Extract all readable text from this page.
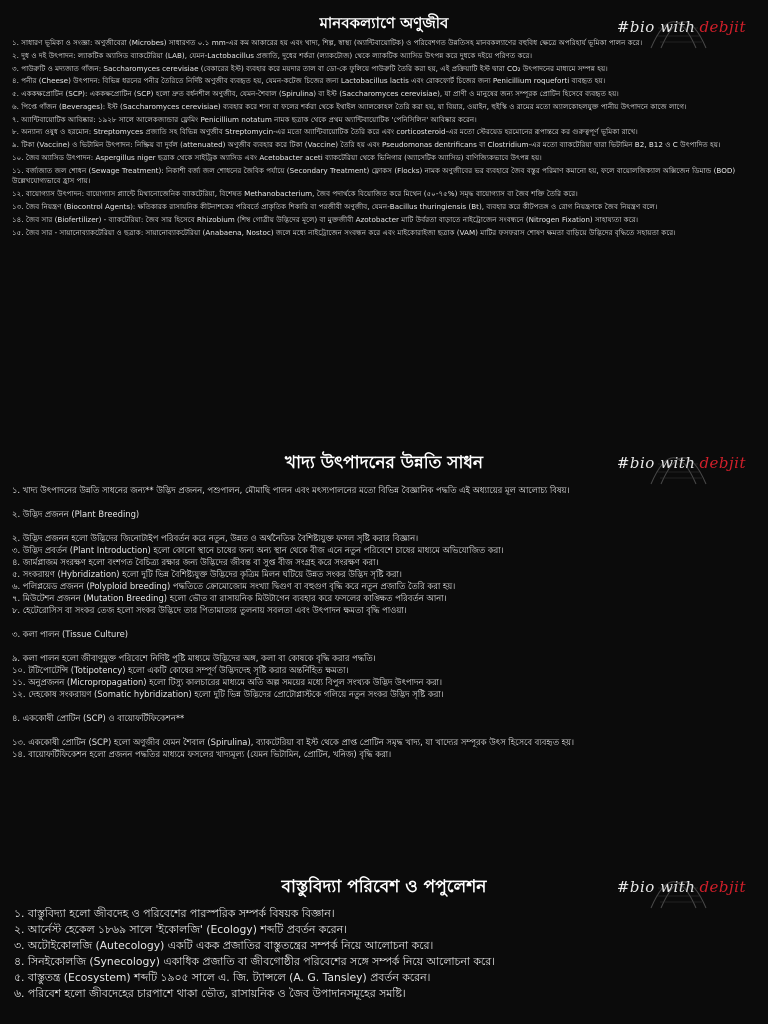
#bio with debjit
মানবকল্যাণে অণুজীব
১. সাধারণ ভূমিকা ও সংজ্ঞা: অণুজীবেরা (Microbes) সাধারণত ০.১ mm-এর কম আকারের হয় এবং খাদ্য, শিল্প, স্বাস্থ্য (অ্যান্টিবায়োটিক) ও পরিবেশগত উন্নতিসহ মানবকল্যাণের বহুবিধ ক্ষেত্রে অপরিহার্য ভূমিকা পালন করে।
২. দুধ ও দই উৎপাদন: ল্যাকটিক অ্যাসিড ব্যাকটেরিয়া (LAB), যেমন-Lactobacillus প্রজাতি, দুধের শর্করা (ল্যাকটোজ) থেকে ল্যাকটিক অ্যাসিড উৎপন্ন করে দুধকে দইয়ে পরিণত করে।
৩. পাউরুটি ও মদ্যজাত গাঁজন: Saccharomyces cerevisiae (বেকারের ইস্ট) ব্যবহার করে ময়দার তাল বা ডো-কে ফুলিয়ে পাউরুটি তৈরি করা হয়, এই প্রক্রিয়াটি ইস্ট দ্বারা CO₂ উৎপাদনের মাধ্যমে সম্পন্ন হয়।
৪. পনীর (Cheese) উৎপাদন: বিভিন্ন ধরনের পনীর তৈরিতে নির্দিষ্ট অণুজীব ব্যবহৃত হয়, যেমন-কটেজ চিজের জন্য Lactobacillus lactis এবং রোকফোর্ট চিজের জন্য Penicillium roqueforti ব্যবহৃত হয়।
৫. এককক্ষপ্রোটিন (SCP): এককক্ষপ্রোটিন (SCP) হলো দ্রুত বর্ধনশীল অণুজীব, যেমন-শৈবাল (Spirulina) বা ইস্ট (Saccharomyces cerevisiae), যা প্রাণী ও মানুষের জন্য সম্পূরক প্রোটিন হিসেবে ব্যবহৃত হয়।
৬. পিপ্তে গাঁজন (Beverages): ইস্ট (Saccharomyces cerevisiae) ব্যবহার করে শস্য বা ফলের শর্করা থেকে ইথাইল অ্যালকোহল তৈরি করা হয়, যা বিয়ার, ওয়াইন, হুইস্কি ও রামের মতো অ্যালকোহলযুক্ত পানীয় উৎপাদনে কাজে লাগে।
৭. অ্যান্টিবায়োটিক আবিষ্কার: ১৯২৮ সালে আলেকজান্ডার ফ্লেমিং Penicillium notatum নামক ছত্রাক থেকে প্রথম অ্যান্টিবায়োটিক 'পেনিসিলিন' আবিষ্কার করেন।
৮. অন্যান্য ওষুধ ও হরমোন: Streptomyces প্রজাতি সহ বিভিন্ন অণুজীব Streptomycin-এর মতো অ্যান্টিবায়োটিক তৈরি করে এবং corticosteroid-এর মতো স্টেরয়েড হরমোনের রূপান্তরে কর গুরুত্বপূর্ণ ভূমিকা রাখে।
৯. টিকা (Vaccine) ও ভিটামিন উৎপাদন: নিষ্ক্রিয় বা দুর্বল (attenuated) অণুজীব ব্যবহার করে টিকা (Vaccine) তৈরি হয় এবং Pseudomonas dentrificans বা Clostridium-এর মতো ব্যাকটেরিয়া দ্বারা ভিটামিন B2, B12 ও C উৎপাদিত হয়।
১০. জৈব অ্যাসিড উৎপাদন: Aspergillus niger ছত্রাক থেকে সাইট্রিক অ্যাসিড এবং Acetobacter aceti ব্যাকটেরিয়া থেকে ভিনিগার (অ্যাসেটিক অ্যাসিড) বাণিজ্যিকভাবে উৎপন্ন হয়।
১১. বর্জ্যজাত জল শোধন (Sewage Treatment): নিকাশী বর্জ্য জল শোধনের জৈবিক পর্যায়ে (Secondary Treatment) ফ্লোকস (Flocks) নামক অণুজীবের ভর ব্যবহারে জৈব বস্তুর পরিমাণ কমানো হয়, ফলে বায়োলজিক্যাল অক্সিজেন ডিমান্ড (BOD) উল্লেখযোগ্যভাবে হ্রাস পায়।
১২. বায়োগ্যাস উৎপাদন: বায়োগ্যাস প্ল্যান্টে মিথানোজেনিক ব্যাকটেরিয়া, বিশেষত Methanobacterium, জৈব পদার্থকে বিয়োজিত করে মিথেন (৫০-৭৫%) সমৃদ্ধ বায়োগ্যাস বা জৈব শক্তি তৈরি করে।
১৩. জৈব নিয়ন্ত্রণ (Biocontrol Agents): ক্ষতিকারক রাসায়নিক কীটনাশকের পরিবর্তে প্রাকৃতিক শিকারি বা পরজীবী অণুজীব, যেমন-Bacillus thuringiensis (Bt), ব্যবহার করে কীটপতঙ্গ ও রোগ নিয়ন্ত্রণকে জৈব নিয়ন্ত্রণ বলে।
১৪. জৈব সার (Biofertilizer) - ব্যাকটেরিয়া: জৈব সার হিসেবে Rhizobium (শিম্ব গোত্রীয় উদ্ভিদের মূলে) বা মুক্তজীবী Azotobacter মাটি উর্বরতা বাড়াতে নাইট্রোজেন সংবন্ধনে (Nitrogen Fixation) সাহায্যতা করে।
১৫. জৈব সার - সায়ানোব্যাকটেরিয়া ও ছত্রাক: সায়ানোব্যাকটেরিয়া (Anabaena, Nostoc) জলে মধ্যে নাইট্রোজেন সংবন্ধন করে এবং মাইকোরাইজা ছত্রাক (VAM) মাটির ফসফরাস শোষণ ক্ষমতা বাড়িয়ে উদ্ভিদের বৃদ্ধিতে সহায়তা করে।
#bio with debjit
খাদ্য উৎপাদনের উন্নতি সাধন
১. খাদ্য উৎপাদনের উন্নতি সাধনের জন্য** উদ্ভিদ প্রজনন, পশুপালন, মৌমাছি পালন এবং মৎস্যপালনের মতো বিভিন্ন বৈজ্ঞানিক পদ্ধতি এই অধ্যায়ের মূল আলোচ্য বিষয়।
২. উদ্ভিদ প্রজনন (Plant Breeding)
২. উদ্ভিদ প্রজনন হলো উদ্ভিদের জিনোটাইপ পরিবর্তন করে নতুন, উন্নত ও অর্থনৈতিক বৈশিষ্ট্যযুক্ত ফসল সৃষ্টি করার বিজ্ঞান।
৩. উদ্ভিদ প্রবর্তন (Plant Introduction) হলো কোনো স্থানে চাষের জন্য অন্য স্থান থেকে বীজ এনে নতুন পরিবেশে চাষের মাধ্যমে অভিযোজিত করা।
৪. জার্মপ্লাজম সংরক্ষণ হলো বংশগত বৈচিত্র্য রক্ষার জন্য উদ্ভিদের জীবন্ত বা সুপ্ত বীজ সংগ্রহ করে সংরক্ষণ করা।
৫. সংকরায়ণ (Hybridization) হলো দুটি ভিন্ন বৈশিষ্ট্যযুক্ত উদ্ভিদের কৃত্রিম মিলন ঘটিয়ে উন্নত সংকর উদ্ভিদ সৃষ্টি করা।
৬. পলিপ্লয়েড প্রজনন (Polyploid breeding) পদ্ধতিতে ক্রোমোজোম সংখ্যা দ্বিগুণ বা বহুগুণ বৃদ্ধি করে নতুন প্রজাতি তৈরি করা হয়।
৭. মিউটেশন প্রজনন (Mutation Breeding) হলো ভৌত বা রাসায়নিক মিউটাগেন ব্যবহার করে ফসলের কাঙ্ক্ষিত পরিবর্তন আনা।
৮. হেটেরোসিস বা সংকর তেজ হলো সংকর উদ্ভিদে তার পিতামাতার তুলনায় সবলতা এবং উৎপাদন ক্ষমতা বৃদ্ধি পাওয়া।
৩. কলা পালন (Tissue Culture)
৯. কলা পালন হলো জীবাণুমুক্ত পরিবেশে নির্দিষ্ট পুষ্টি মাধ্যমে উদ্ভিদের অঙ্গ, কলা বা কোষকে বৃদ্ধি করার পদ্ধতি।
১০. টটিপোটেন্সি (Totipotency) হলো একটি কোষের সম্পূর্ণ উদ্ভিদদেহ সৃষ্টি করার অন্তর্নিহিত ক্ষমতা।
১১. অনুপ্রজনন (Micropropagation) হলো টিস্যু কালচারের মাধ্যমে অতি অল্প সময়ের মধ্যে বিপুল সংখ্যক উদ্ভিদ উৎপাদন করা।
১২. দেহকোষ সংকরায়ণ (Somatic hybridization) হলো দুটি ভিন্ন উদ্ভিদের প্রোটোপ্লাস্টকে গলিয়ে নতুন সংকর উদ্ভিদ সৃষ্টি করা।
৪. এককোষী প্রোটিন (SCP) ও বায়োফর্টিফিকেশন**
১৩. এককোষী প্রোটিন (SCP) হলো অণুজীব যেমন শৈবাল (Spirulina), ব্যাকটেরিয়া বা ইস্ট থেকে প্রাপ্ত প্রোটিন সমৃদ্ধ খাদ্য, যা খাদ্যের সম্পূরক উৎস হিসেবে ব্যবহৃত হয়।
১৪. বায়োফর্টিফিকেশন হলো প্রজনন পদ্ধতির মাধ্যমে ফসলের খাদ্যমূল্য (যেমন ভিটামিন, প্রোটিন, খনিজ) বৃদ্ধি করা।
#bio with debjit
বাস্তুবিদ্যা পরিবেশ ও পপুলেশন
১. বাস্তুবিদ্যা হলো জীবদেহ ও পরিবেশের পারস্পরিক সম্পর্ক বিষয়ক বিজ্ঞান।
২. আর্নেস্ট হেকেল ১৮৬৯ সালে 'ইকোলজি' (Ecology) শব্দটি প্রবর্তন করেন।
৩. অটোইকোলজি (Autecology) একটি একক প্রজাতির বাস্তুতন্ত্রের সম্পর্ক নিয়ে আলোচনা করে।
৪. সিনইকোলজি (Synecology) একাধিক প্রজাতি বা জীবগোষ্ঠীর পরিবেশের সঙ্গে সম্পর্ক নিয়ে আলোচনা করে।
৫. বাস্তুতন্ত্র (Ecosystem) শব্দটি ১৯০৫ সালে এ. জি. ট্যান্সলে (A. G. Tansley) প্রবর্তন করেন।
৬. পরিবেশ হলো জীবদেহের চারপাশে থাকা ভৌত, রাসায়নিক ও জৈব উপাদানসমূহের সমষ্টি।
